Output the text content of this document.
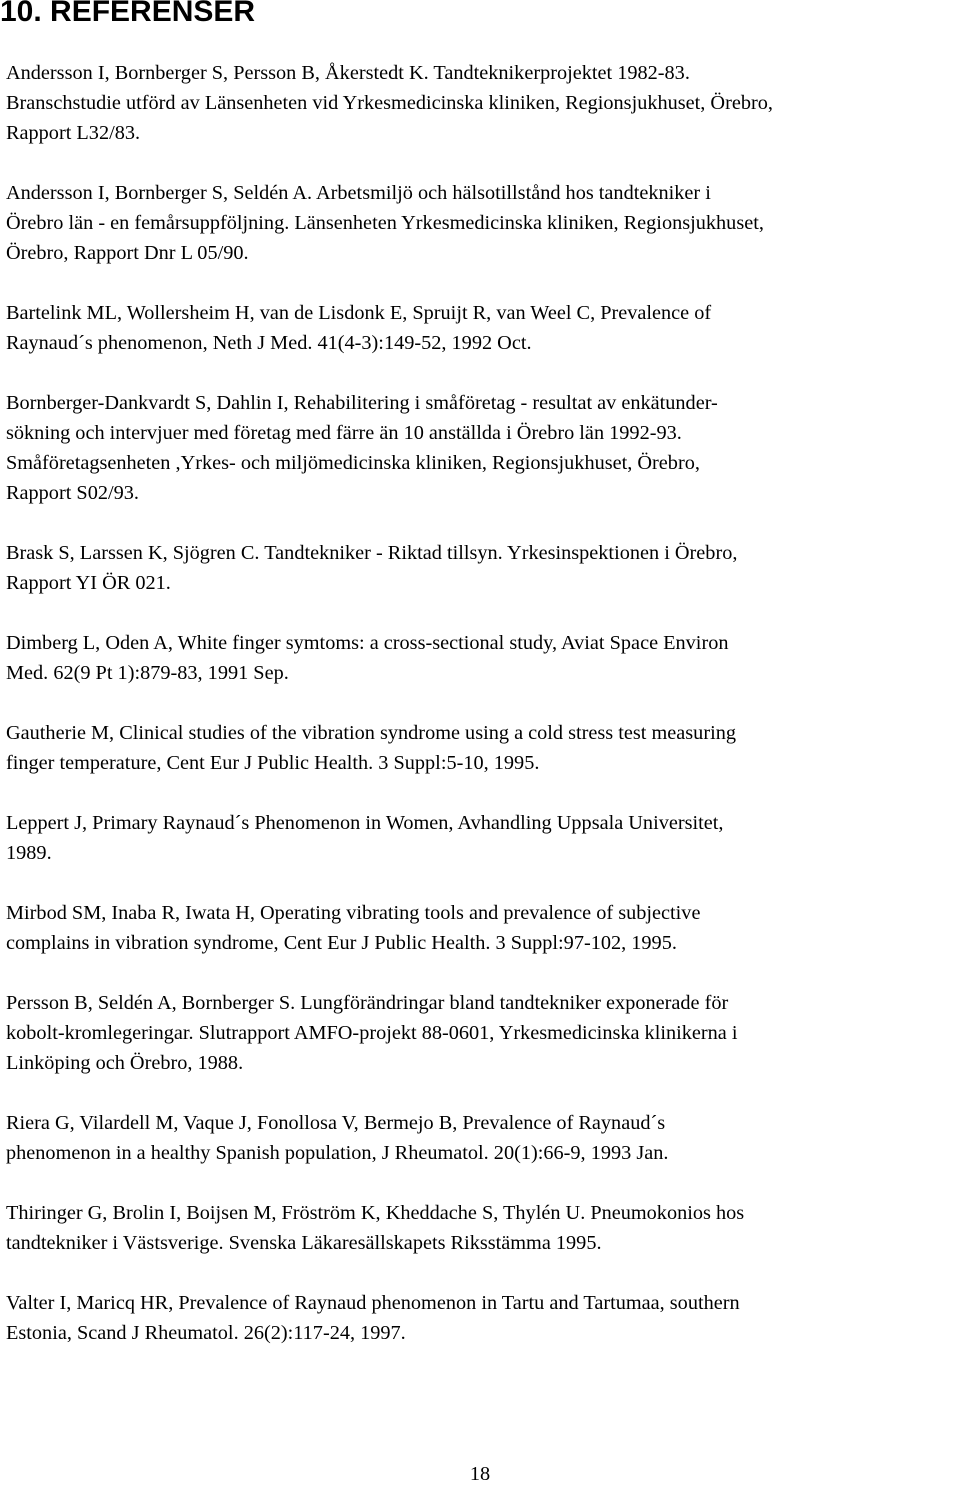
10. REFERENSER

Andersson I, Bornberger S, Persson B, Åkerstedt K. Tandteknikerprojektet 1982-83.
Branschstudie utförd av Länsenheten vid Yrkesmedicinska kliniken, Regionsjukhuset, Örebro,
Rapport L32/83.

Andersson I, Bornberger S, Seldén A. Arbetsmiljö och hälsotillstånd hos tandtekniker i
Örebro län - en femårsuppföljning. Länsenheten Yrkesmedicinska kliniken, Regionsjukhuset,
Örebro, Rapport Dnr L 05/90.

Bartelink ML, Wollersheim H, van de Lisdonk E, Spruijt R, van Weel C, Prevalence of
Raynaud´s phenomenon, Neth J Med. 41(4-3):149-52, 1992 Oct.

Bornberger-Dankvardt S, Dahlin I, Rehabilitering i småföretag - resultat av enkätunder-
sökning och intervjuer med företag med färre än 10 anställda i Örebro län 1992-93.
Småföretagsenheten ,Yrkes- och miljömedicinska kliniken, Regionsjukhuset, Örebro,
Rapport S02/93.

Brask S, Larssen K, Sjögren C. Tandtekniker - Riktad tillsyn. Yrkesinspektionen i Örebro,
Rapport YI ÖR 021.

Dimberg L, Oden A, White finger symtoms: a cross-sectional study, Aviat Space Environ
Med. 62(9 Pt 1):879-83, 1991 Sep.

Gautherie M, Clinical studies of the vibration syndrome using a cold stress test measuring
finger temperature, Cent Eur J Public Health. 3 Suppl:5-10, 1995.

Leppert J, Primary Raynaud´s Phenomenon in Women, Avhandling Uppsala Universitet,
1989.

Mirbod SM, Inaba R, Iwata H, Operating vibrating tools and prevalence of subjective
complains in vibration syndrome, Cent Eur J Public Health. 3 Suppl:97-102, 1995.

Persson B, Seldén A, Bornberger S. Lungförändringar bland tandtekniker exponerade för
kobolt-kromlegeringar. Slutrapport AMFO-projekt 88-0601, Yrkesmedicinska klinikerna i
Linköping och Örebro, 1988.

Riera G, Vilardell M, Vaque J, Fonollosa V, Bermejo B, Prevalence of Raynaud´s
phenomenon in a healthy Spanish population, J Rheumatol. 20(1):66-9, 1993 Jan.

Thiringer G, Brolin I, Boijsen M, Fröström K, Kheddache S, Thylén U. Pneumokonios hos
tandtekniker i Västsverige. Svenska Läkaresällskapets Riksstämma 1995.

Valter I, Maricq HR, Prevalence of Raynaud phenomenon in Tartu and Tartumaa, southern
Estonia, Scand J Rheumatol. 26(2):117-24, 1997.

18
